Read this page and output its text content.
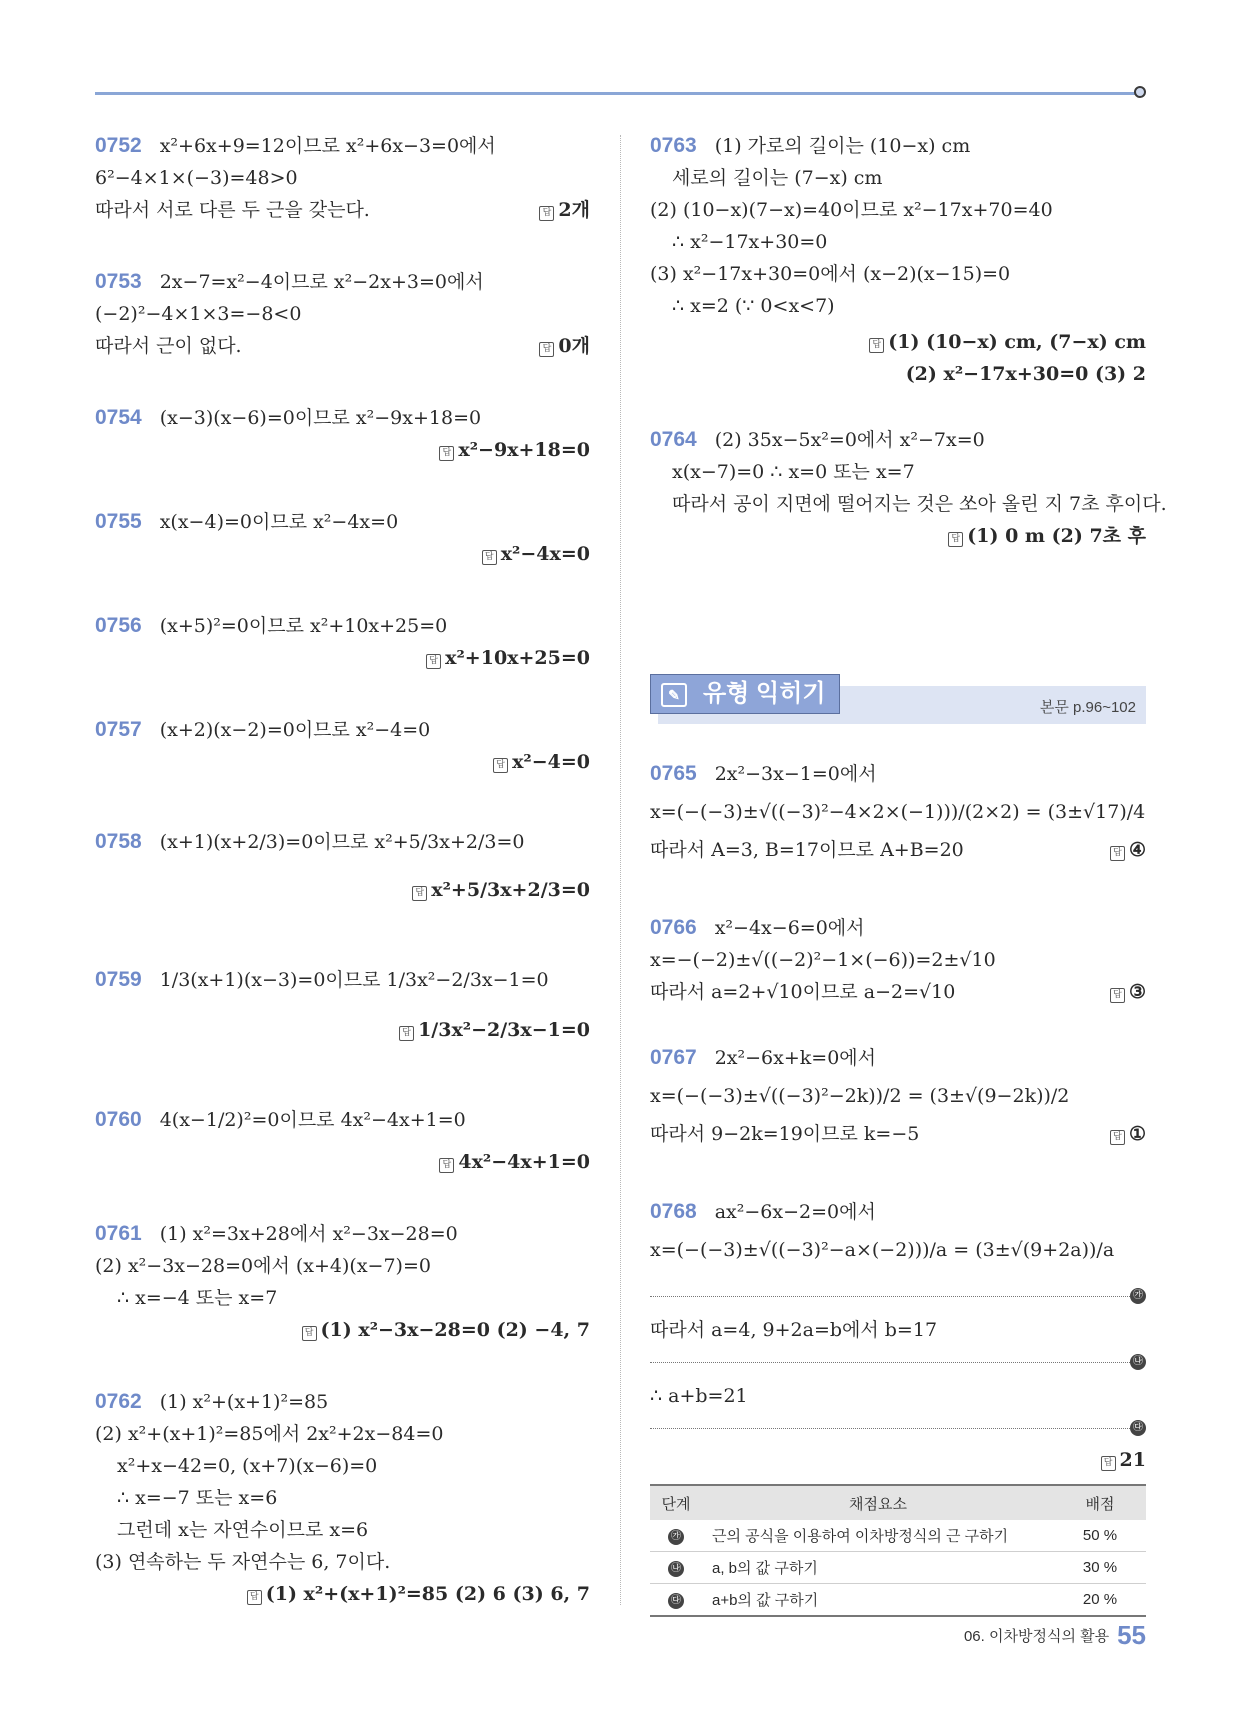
0752 x²+6x+9=12이므로 x²+6x−3=0에서
6²−4×1×(−3)=48>0
따라서 서로 다른 두 근을 갖는다.	답 2개
0753 2x−7=x²−4이므로 x²−2x+3=0에서
(−2)²−4×1×3=−8<0
따라서 근이 없다.	답 0개
0754 (x−3)(x−6)=0이므로 x²−9x+18=0
답 x²−9x+18=0
0755 x(x−4)=0이므로 x²−4x=0
답 x²−4x=0
0756 (x+5)²=0이므로 x²+10x+25=0
답 x²+10x+25=0
0757 (x+2)(x−2)=0이므로 x²−4=0
답 x²−4=0
0758 (x+1)(x+2/3)=0이므로 x²+5/3x+2/3=0
답 x²+5/3x+2/3=0
0759 1/3(x+1)(x−3)=0이므로 1/3x²−2/3x−1=0
답 1/3x²−2/3x−1=0
0760 4(x−1/2)²=0이므로 4x²−4x+1=0
답 4x²−4x+1=0
0761 (1) x²=3x+28에서 x²−3x−28=0
(2) x²−3x−28=0에서 (x+4)(x−7)=0
∴ x=−4 또는 x=7
답 (1) x²−3x−28=0 (2) −4, 7
0762 (1) x²+(x+1)²=85
(2) x²+(x+1)²=85에서 2x²+2x−84=0
x²+x−42=0, (x+7)(x−6)=0
∴ x=−7 또는 x=6
그런데 x는 자연수이므로 x=6
(3) 연속하는 두 자연수는 6, 7이다.
답 (1) x²+(x+1)²=85 (2) 6 (3) 6, 7
0763 (1) 가로의 길이는 (10−x) cm
세로의 길이는 (7−x) cm
(2) (10−x)(7−x)=40이므로 x²−17x+70=40
∴ x²−17x+30=0
(3) x²−17x+30=0에서 (x−2)(x−15)=0
∴ x=2 (∵ 0<x<7)
답 (1) (10−x) cm, (7−x) cm
(2) x²−17x+30=0 (3) 2
0764 (2) 35x−5x²=0에서 x²−7x=0
x(x−7)=0 ∴ x=0 또는 x=7
따라서 공이 지면에 떨어지는 것은 쏘아 올린 지 7초 후이다.
답 (1) 0 m (2) 7초 후
✎ 유형 익히기
본문 p.96~102
0765 2x²−3x−1=0에서
x=(−(−3)±√((−3)²−4×2×(−1)))/(2×2) = (3±√17)/4
따라서 A=3, B=17이므로 A+B=20	답 ④
0766 x²−4x−6=0에서
x=−(−2)±√((−2)²−1×(−6))=2±√10
따라서 a=2+√10이므로 a−2=√10	답 ③
0767 2x²−6x+k=0에서
x=(−(−3)±√((−3)²−2k))/2 = (3±√(9−2k))/2
따라서 9−2k=19이므로 k=−5	답 ①
0768 ax²−6x−2=0에서
x=(−(−3)±√((−3)²−a×(−2)))/a = (3±√(9+2a))/a
㉮
따라서 a=4, 9+2a=b에서 b=17
㉯
∴ a+b=21
㉰
답 21
단계	채점요소	배점
㉮	근의 공식을 이용하여 이차방정식의 근 구하기	50 %
㉯	a, b의 값 구하기	30 %
㉰	a+b의 값 구하기	20 %
06. 이차방정식의 활용 55
